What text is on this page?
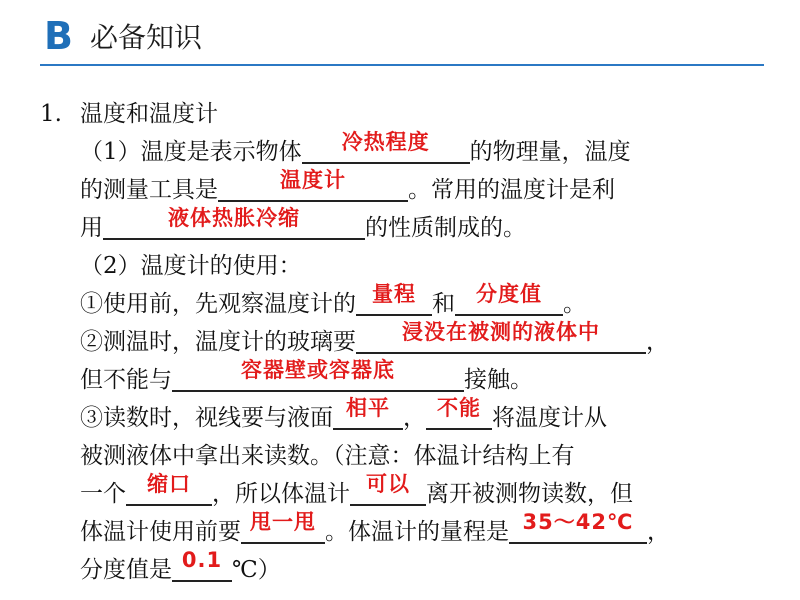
B 必备知识
1. 温度和温度计
（1）温度是表示物体 冷热程度 的物理量，温度
的测量工具是	温度计	。常用的温度计是利
用	液体热胀冷缩	的性质制成的。
（2）温度计的使用：
①使用前，先观察温度计的 量程 和 分度值 。
②测温时，温度计的玻璃要 浸没在被测的液体中 ，
但不能与	容器壁或容器底	接触。
③读数时，视线要与液面 相平 ， 不能 将温度计从
被测液体中拿出来读数。（注意：体温计结构上有
一个 缩口 ，所以体温计 可以 离开被测物读数，但
体温计使用前要 甩一甩 。体温计的量程是 35～42℃ ，
分度值是 0.1 ℃）
